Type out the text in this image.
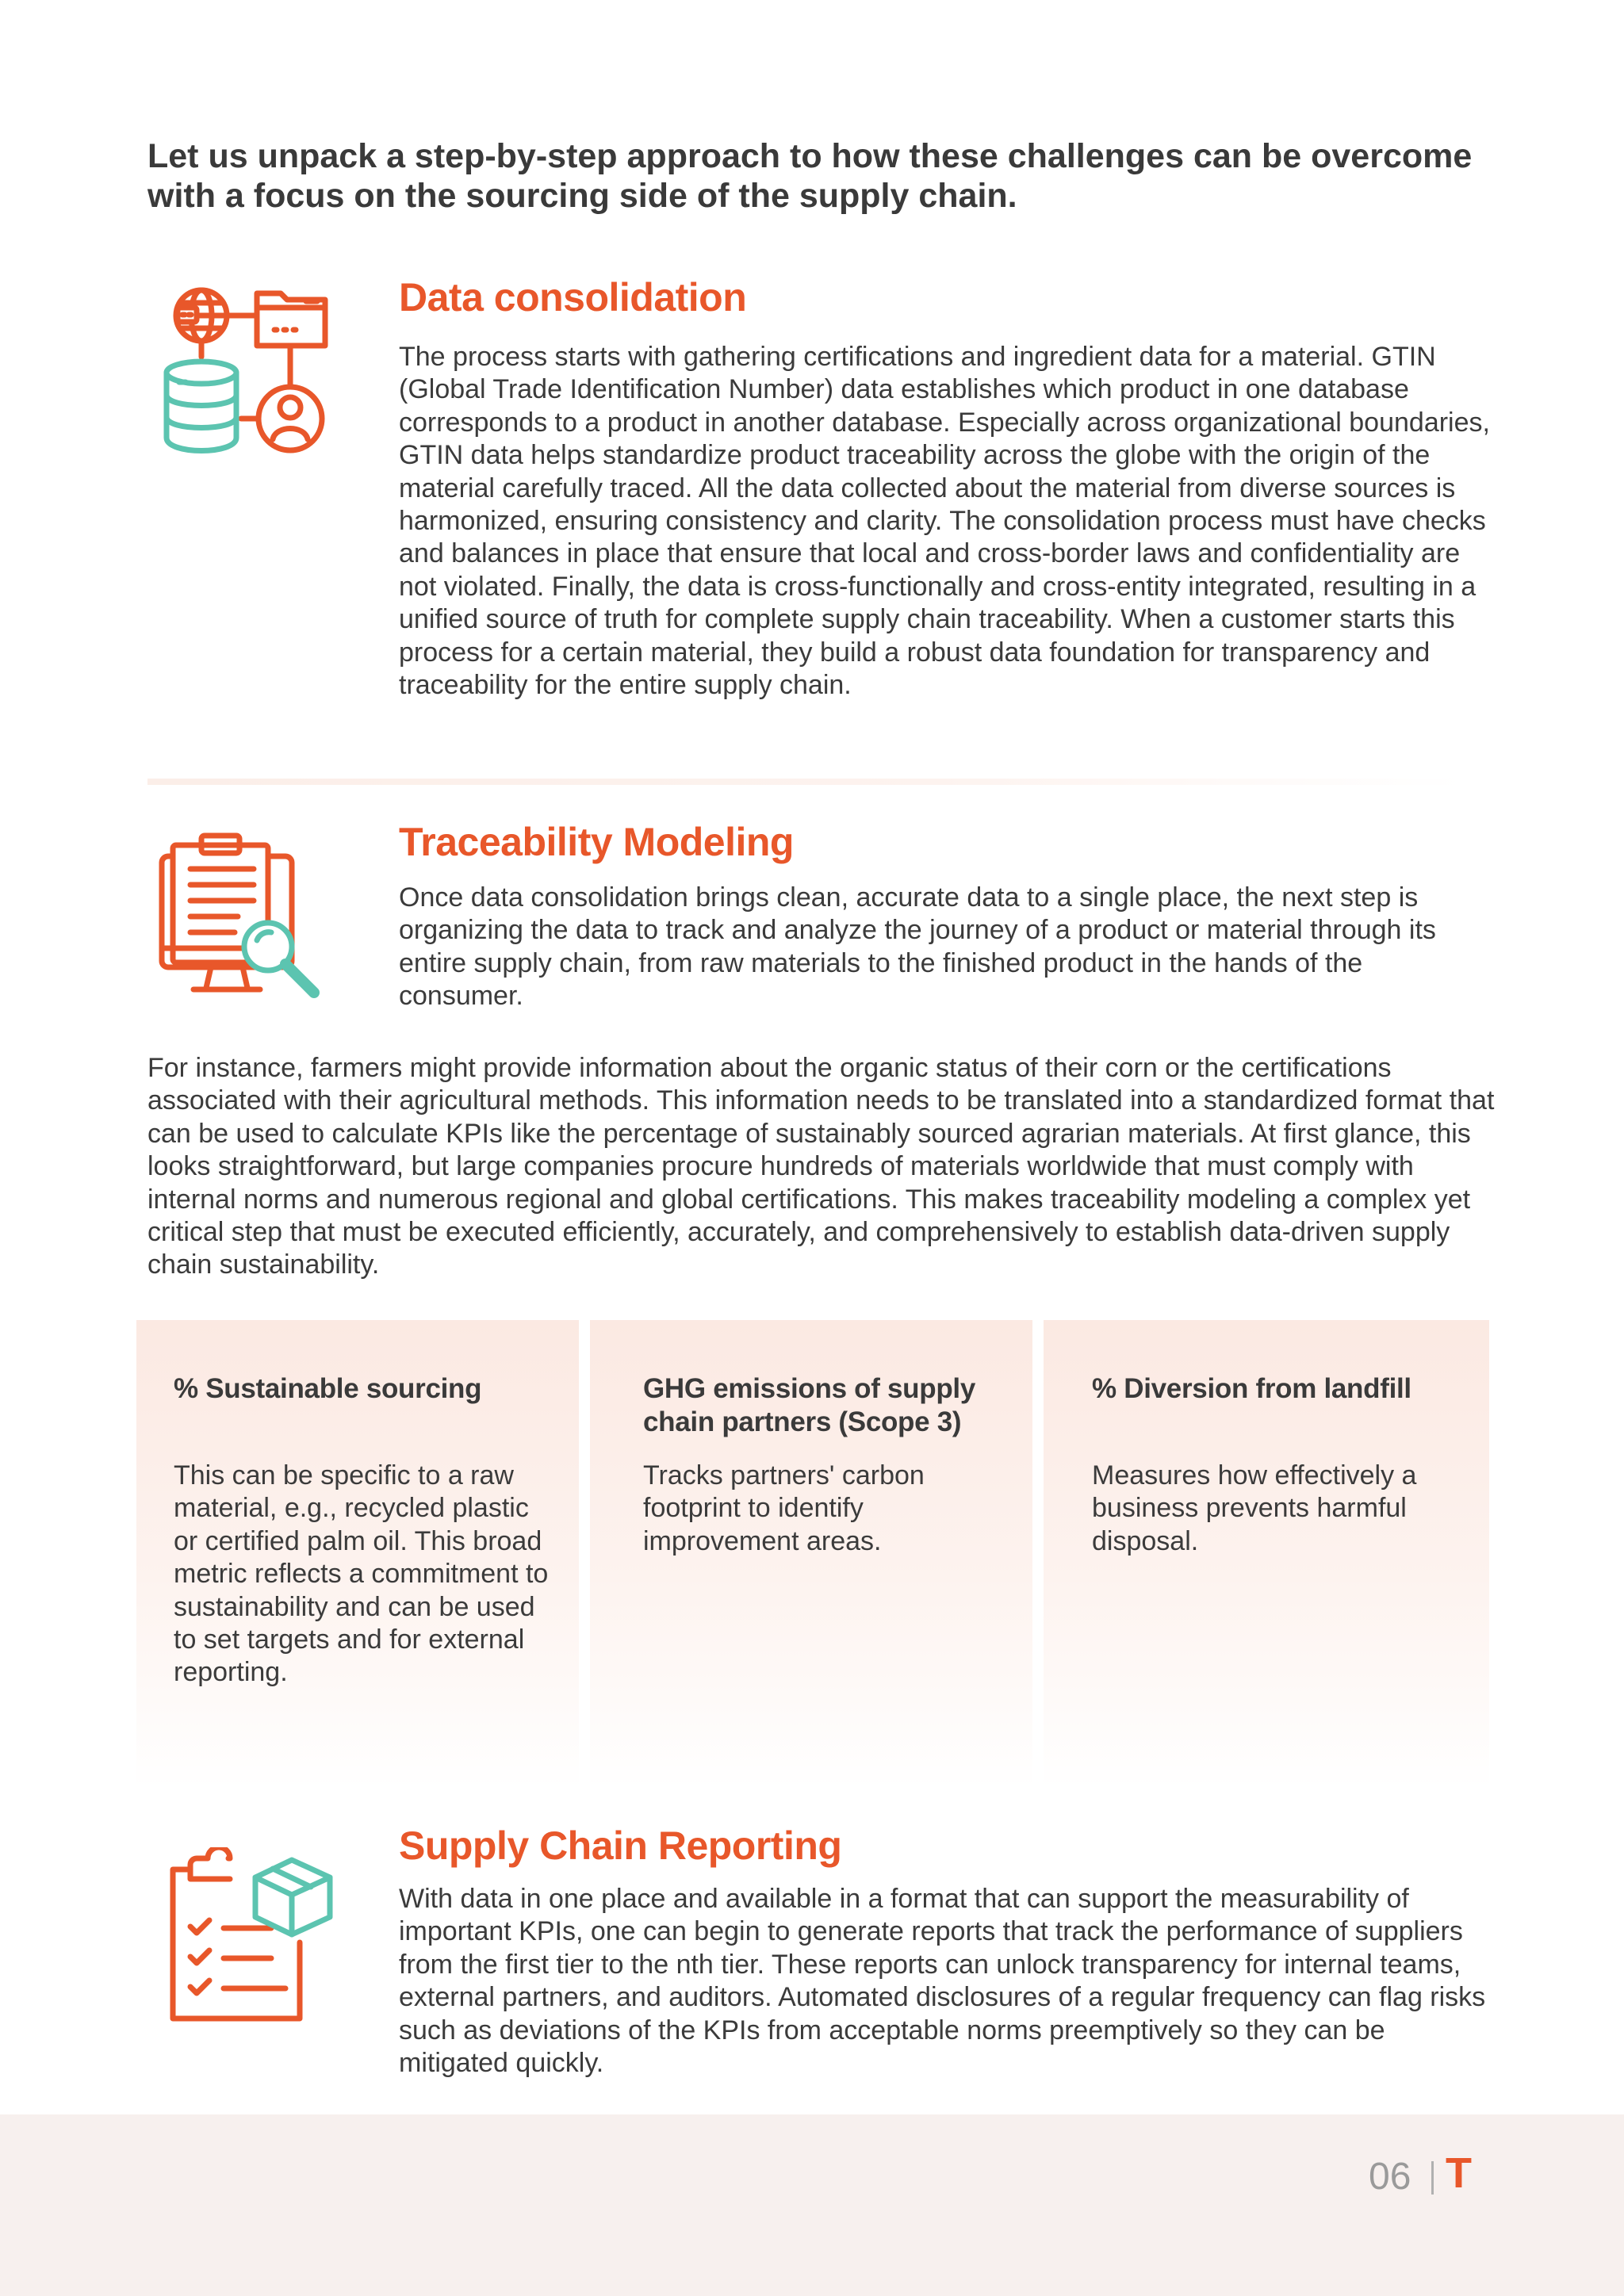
Let us unpack a step-by-step approach to how these challenges can be overcome with a focus on the sourcing side of the supply chain.

Data consolidation

The process starts with gathering certifications and ingredient data for a material. GTIN (Global Trade Identification Number) data establishes which product in one database corresponds to a product in another database. Especially across organizational boundaries, GTIN data helps standardize product traceability across the globe with the origin of the material carefully traced. All the data collected about the material from diverse sources is harmonized, ensuring consistency and clarity. The consolidation process must have checks and balances in place that ensure that local and cross-border laws and confidentiality are not violated. Finally, the data is cross-functionally and cross-entity integrated, resulting in a unified source of truth for complete supply chain traceability. When a customer starts this process for a certain material, they build a robust data foundation for transparency and traceability for the entire supply chain.

Traceability Modeling

Once data consolidation brings clean, accurate data to a single place, the next step is organizing the data to track and analyze the journey of a product or material through its entire supply chain, from raw materials to the finished product in the hands of the consumer.

For instance, farmers might provide information about the organic status of their corn or the certifications associated with their agricultural methods. This information needs to be translated into a standardized format that can be used to calculate KPIs like the percentage of sustainably sourced agrarian materials. At first glance, this looks straightforward, but large companies procure hundreds of materials worldwide that must comply with internal norms and numerous regional and global certifications. This makes traceability modeling a complex yet critical step that must be executed efficiently, accurately, and comprehensively to establish data-driven supply chain sustainability.

% Sustainable sourcing

This can be specific to a raw material, e.g., recycled plastic or certified palm oil. This broad metric reflects a commitment to sustainability and can be used to set targets and for external reporting.

GHG emissions of supply chain partners (Scope 3)

Tracks partners' carbon footprint to identify improvement areas.

% Diversion from landfill

Measures how effectively a business prevents harmful disposal.

Supply Chain Reporting

With data in one place and available in a format that can support the measurability of important KPIs, one can begin to generate reports that track the performance of suppliers from the first tier to the nth tier. These reports can unlock transparency for internal teams, external partners, and auditors. Automated disclosures of a regular frequency can flag risks such as deviations of the KPIs from acceptable norms preemptively so they can be mitigated quickly.

06 T
